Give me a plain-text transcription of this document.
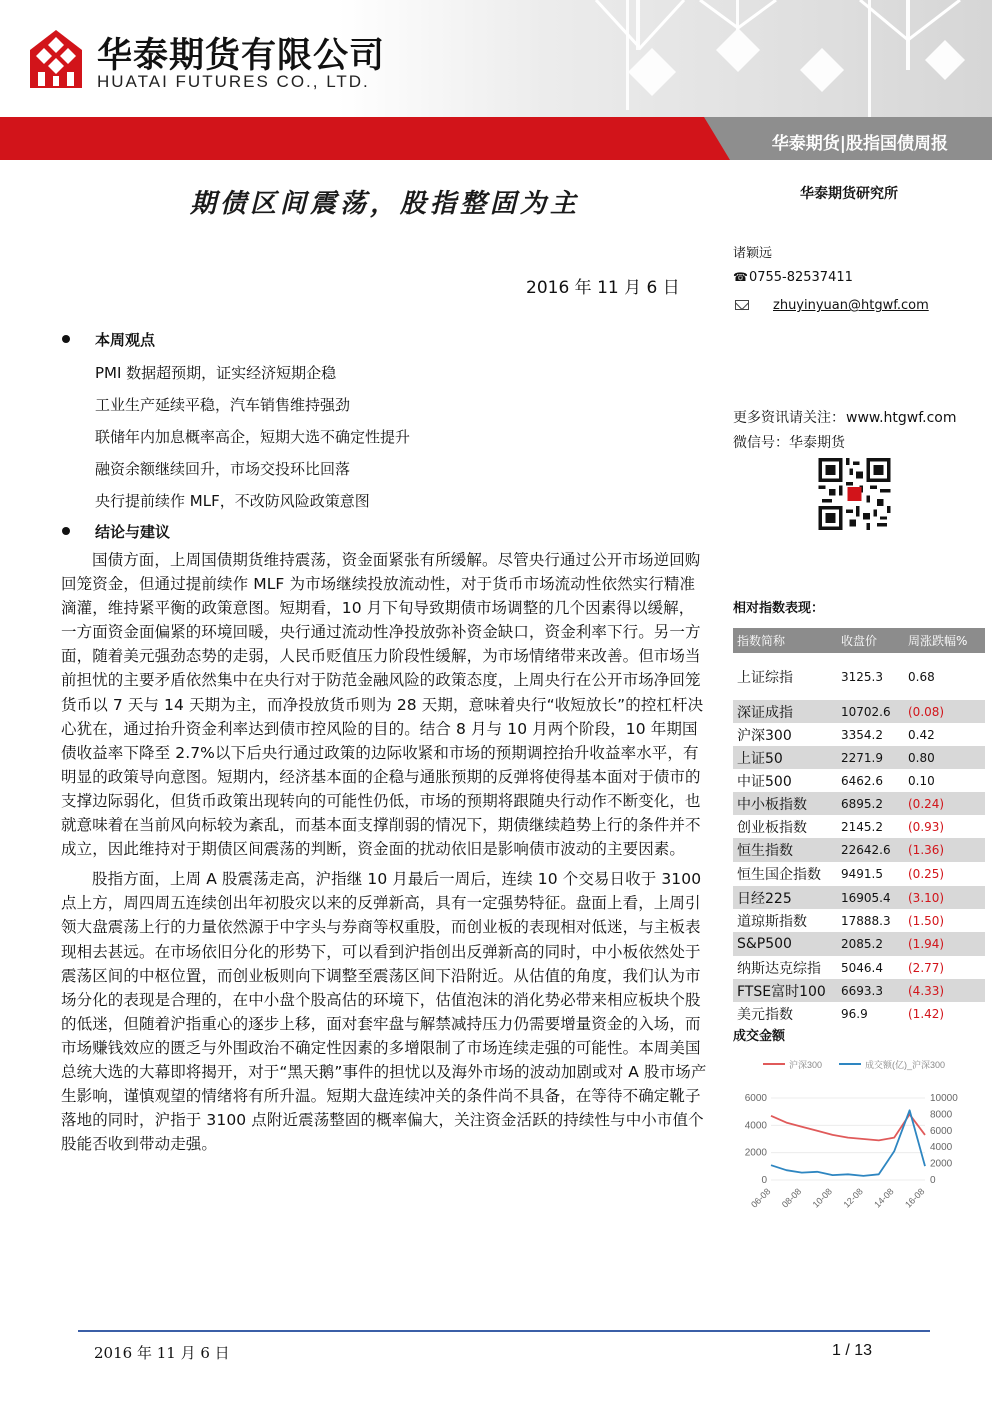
华泰期货有限公司
HUATAI FUTURES CO., LTD.
华泰期货|股指国债周报
期债区间震荡，股指整固为主	华泰期货研究所
2016 年 11 月 6 日
诸颖远
☎0755-82537411
zhuyinyuan@htgwf.com
更多资讯请关注：www.htgwf.com
微信号：华泰期货
相对指数表现：
指数简称	收盘价	周涨跌幅%
上证综指	3125.3	0.68
深证成指	10702.6	(0.08)
沪深300	3354.2	0.42
上证50	2271.9	0.80
中证500	6462.6	0.10
中小板指数	6895.2	(0.24)
创业板指数	2145.2	(0.93)
恒生指数	22642.6	(1.36)
恒生国企指数	9491.5	(0.25)
日经225	16905.4	(3.10)
道琼斯指数	17888.3	(1.50)
S&P500	2085.2	(1.94)
纳斯达克综指	5046.4	(2.77)
FTSE富时100	6693.3	(4.33)
美元指数	96.9	(1.42)
成交金额
沪深300	成交额(亿)_沪深300
0
2000
4000
6000
0
2000
4000
6000
8000
10000
06-08 08-08 10-08 12-08 14-08 16-08
本周观点
PMI 数据超预期，证实经济短期企稳
工业生产延续平稳，汽车销售维持强劲
联储年内加息概率高企，短期大选不确定性提升
融资余额继续回升，市场交投环比回落
央行提前续作 MLF，不改防风险政策意图
结论与建议

国债方面，上周国债期货维持震荡，资金面紧张有所缓解。尽管央行通过公开市场逆回购回笼资金，但通过提前续作 MLF 为市场继续投放流动性，对于货币市场流动性依然实行精准滴灌，维持紧平衡的政策意图。短期看，10 月下旬导致期债市场调整的几个因素得以缓解，一方面资金面偏紧的环境回暖，央行通过流动性净投放弥补资金缺口，资金利率下行。另一方面，随着美元强劲态势的走弱，人民币贬值压力阶段性缓解，为市场情绪带来改善。但市场当前担忧的主要矛盾依然集中在央行对于防范金融风险的政策态度，上周央行在公开市场净回笼货币以 7 天与 14 天期为主，而净投放货币则为 28 天期，意味着央行“收短放长”的控杠杆决心犹在，通过抬升资金利率达到债市控风险的目的。结合 8 月与 10 月两个阶段，10 年期国债收益率下降至 2.7%以下后央行通过政策的边际收紧和市场的预期调控抬升收益率水平，有明显的政策导向意图。短期内，经济基本面的企稳与通胀预期的反弹将使得基本面对于债市的支撑边际弱化，但货币政策出现转向的可能性仍低，市场的预期将跟随央行动作不断变化，也就意味着在当前风向标较为紊乱，而基本面支撑削弱的情况下，期债继续趋势上行的条件并不成立，因此维持对于期债区间震荡的判断，资金面的扰动依旧是影响债市波动的主要因素。

股指方面，上周 A 股震荡走高，沪指继 10 月最后一周后，连续 10 个交易日收于 3100 点上方，周四周五连续创出年初股灾以来的反弹新高，具有一定强势特征。盘面上看，上周引领大盘震荡上行的力量依然源于中字头与券商等权重股，而创业板的表现相对低迷，与主板表现相去甚远。在市场依旧分化的形势下，可以看到沪指创出反弹新高的同时，中小板依然处于震荡区间的中枢位置，而创业板则向下调整至震荡区间下沿附近。从估值的角度，我们认为市场分化的表现是合理的，在中小盘个股高估的环境下，估值泡沫的消化势必带来相应板块个股的低迷，但随着沪指重心的逐步上移，面对套牢盘与解禁减持压力仍需要增量资金的入场，而市场赚钱效应的匮乏与外围政治不确定性因素的多增限制了市场连续走强的可能性。本周美国总统大选的大幕即将揭开，对于“黑天鹅”事件的担忧以及海外市场的波动加剧或对 A 股市场产生影响，谨慎观望的情绪将有所升温。短期大盘连续冲关的条件尚不具备，在等待不确定靴子落地的同时，沪指于 3100 点附近震荡整固的概率偏大，关注资金活跃的持续性与中小市值个股能否收到带动走强。

2016 年 11 月 6 日	1 / 13
